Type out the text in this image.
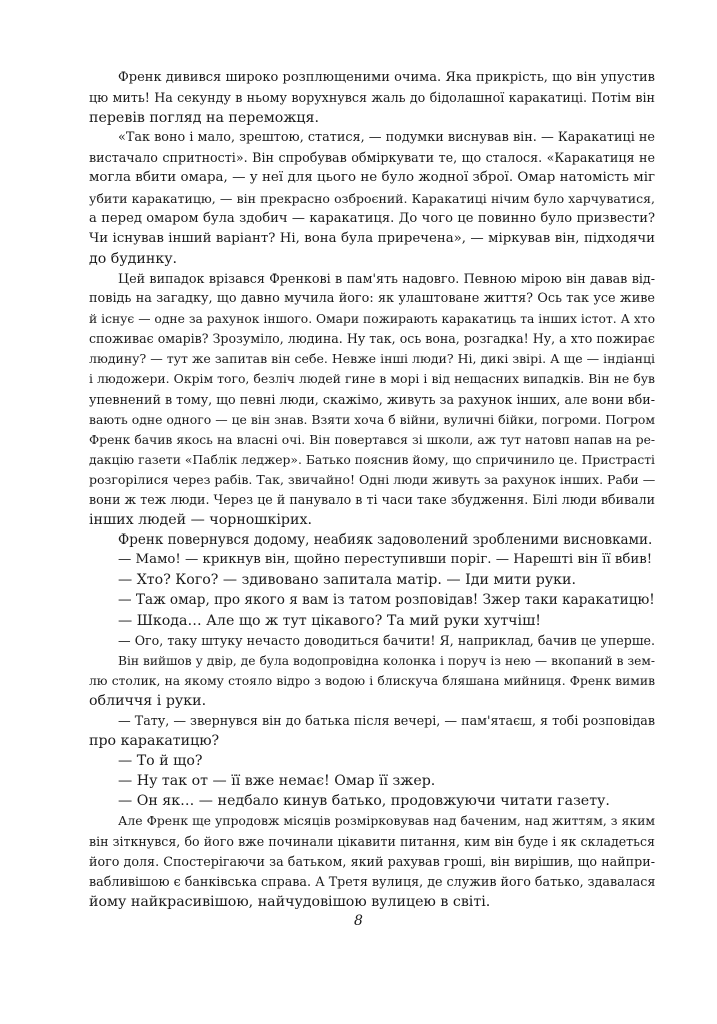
Френк дивився широко розплющеними очима. Яка прикрість, що він упустив
цю мить! На секунду в ньому ворухнувся жаль до бідолашної каракатиці. Потім він
перевів погляд на переможця.
«Так воно і мало, зрештою, статися, — подумки виснував він. — Каракатиці не
вистачало спритності». Він спробував обміркувати те, що сталося. «Каракатиця не
могла вбити омара, — у неї для цього не було жодної зброї. Омар натомість міг
убити каракатицю, — він прекрасно озброєний. Каракатиці нічим було харчуватися,
а перед омаром була здобич — каракатиця. До чого це повинно було призвести?
Чи існував інший варіант? Ні, вона була приречена», — міркував він, підходячи
до будинку.
Цей випадок врізався Френкові в пам'ять надовго. Певною мірою він давав від-
повідь на загадку, що давно мучила його: як улаштоване життя? Ось так усе живе
й існує — одне за рахунок іншого. Омари пожирають каракатиць та інших істот. А хто
споживає омарів? Зрозуміло, людина. Ну так, ось вона, розгадка! Ну, а хто пожирає
людину? — тут же запитав він себе. Невже інші люди? Ні, дикі звірі. А ще — індіанці
і людожери. Окрім того, безліч людей гине в морі і від нещасних випадків. Він не був
упевнений в тому, що певні люди, скажімо, живуть за рахунок інших, але вони вби-
вають одне одного — це він знав. Взяти хоча б війни, вуличні бійки, погроми. Погром
Френк бачив якось на власні очі. Він повертався зі школи, аж тут натовп напав на ре-
дакцію газети «Паблік леджер». Батько пояснив йому, що спричинило це. Пристрасті
розгорілися через рабів. Так, звичайно! Одні люди живуть за рахунок інших. Раби —
вони ж теж люди. Через це й панувало в ті часи таке збудження. Білі люди вбивали
інших людей — чорношкірих.
Френк повернувся додому, неабияк задоволений зробленими висновками.
— Мамо! — крикнув він, щойно переступивши поріг. — Нарешті він її вбив!
— Хто? Кого? — здивовано запитала матір. — Іди мити руки.
— Таж омар, про якого я вам із татом розповідав! Зжер таки каракатицю!
— Шкода… Але що ж тут цікавого? Та мий руки хутчіш!
— Ого, таку штуку нечасто доводиться бачити! Я, наприклад, бачив це уперше.
Він вийшов у двір, де була водопровідна колонка і поруч із нею — вкопаний в зем-
лю столик, на якому стояло відро з водою і блискуча бляшана мийниця. Френк вимив
обличчя і руки.
— Тату, — звернувся він до батька після вечері, — пам'ятаєш, я тобі розповідав
про каракатицю?
— То й що?
— Ну так от — її вже немає! Омар її зжер.
— Он як… — недбало кинув батько, продовжуючи читати газету.
Але Френк ще упродовж місяців розмірковував над баченим, над життям, з яким
він зіткнувся, бо його вже починали цікавити питання, ким він буде і як складеться
його доля. Спостерігаючи за батьком, який рахував гроші, він вирішив, що найпри-
вабливішою є банківська справа. А Третя вулиця, де служив його батько, здавалася
йому найкрасивішою, найчудовішою вулицею в світі.
8
